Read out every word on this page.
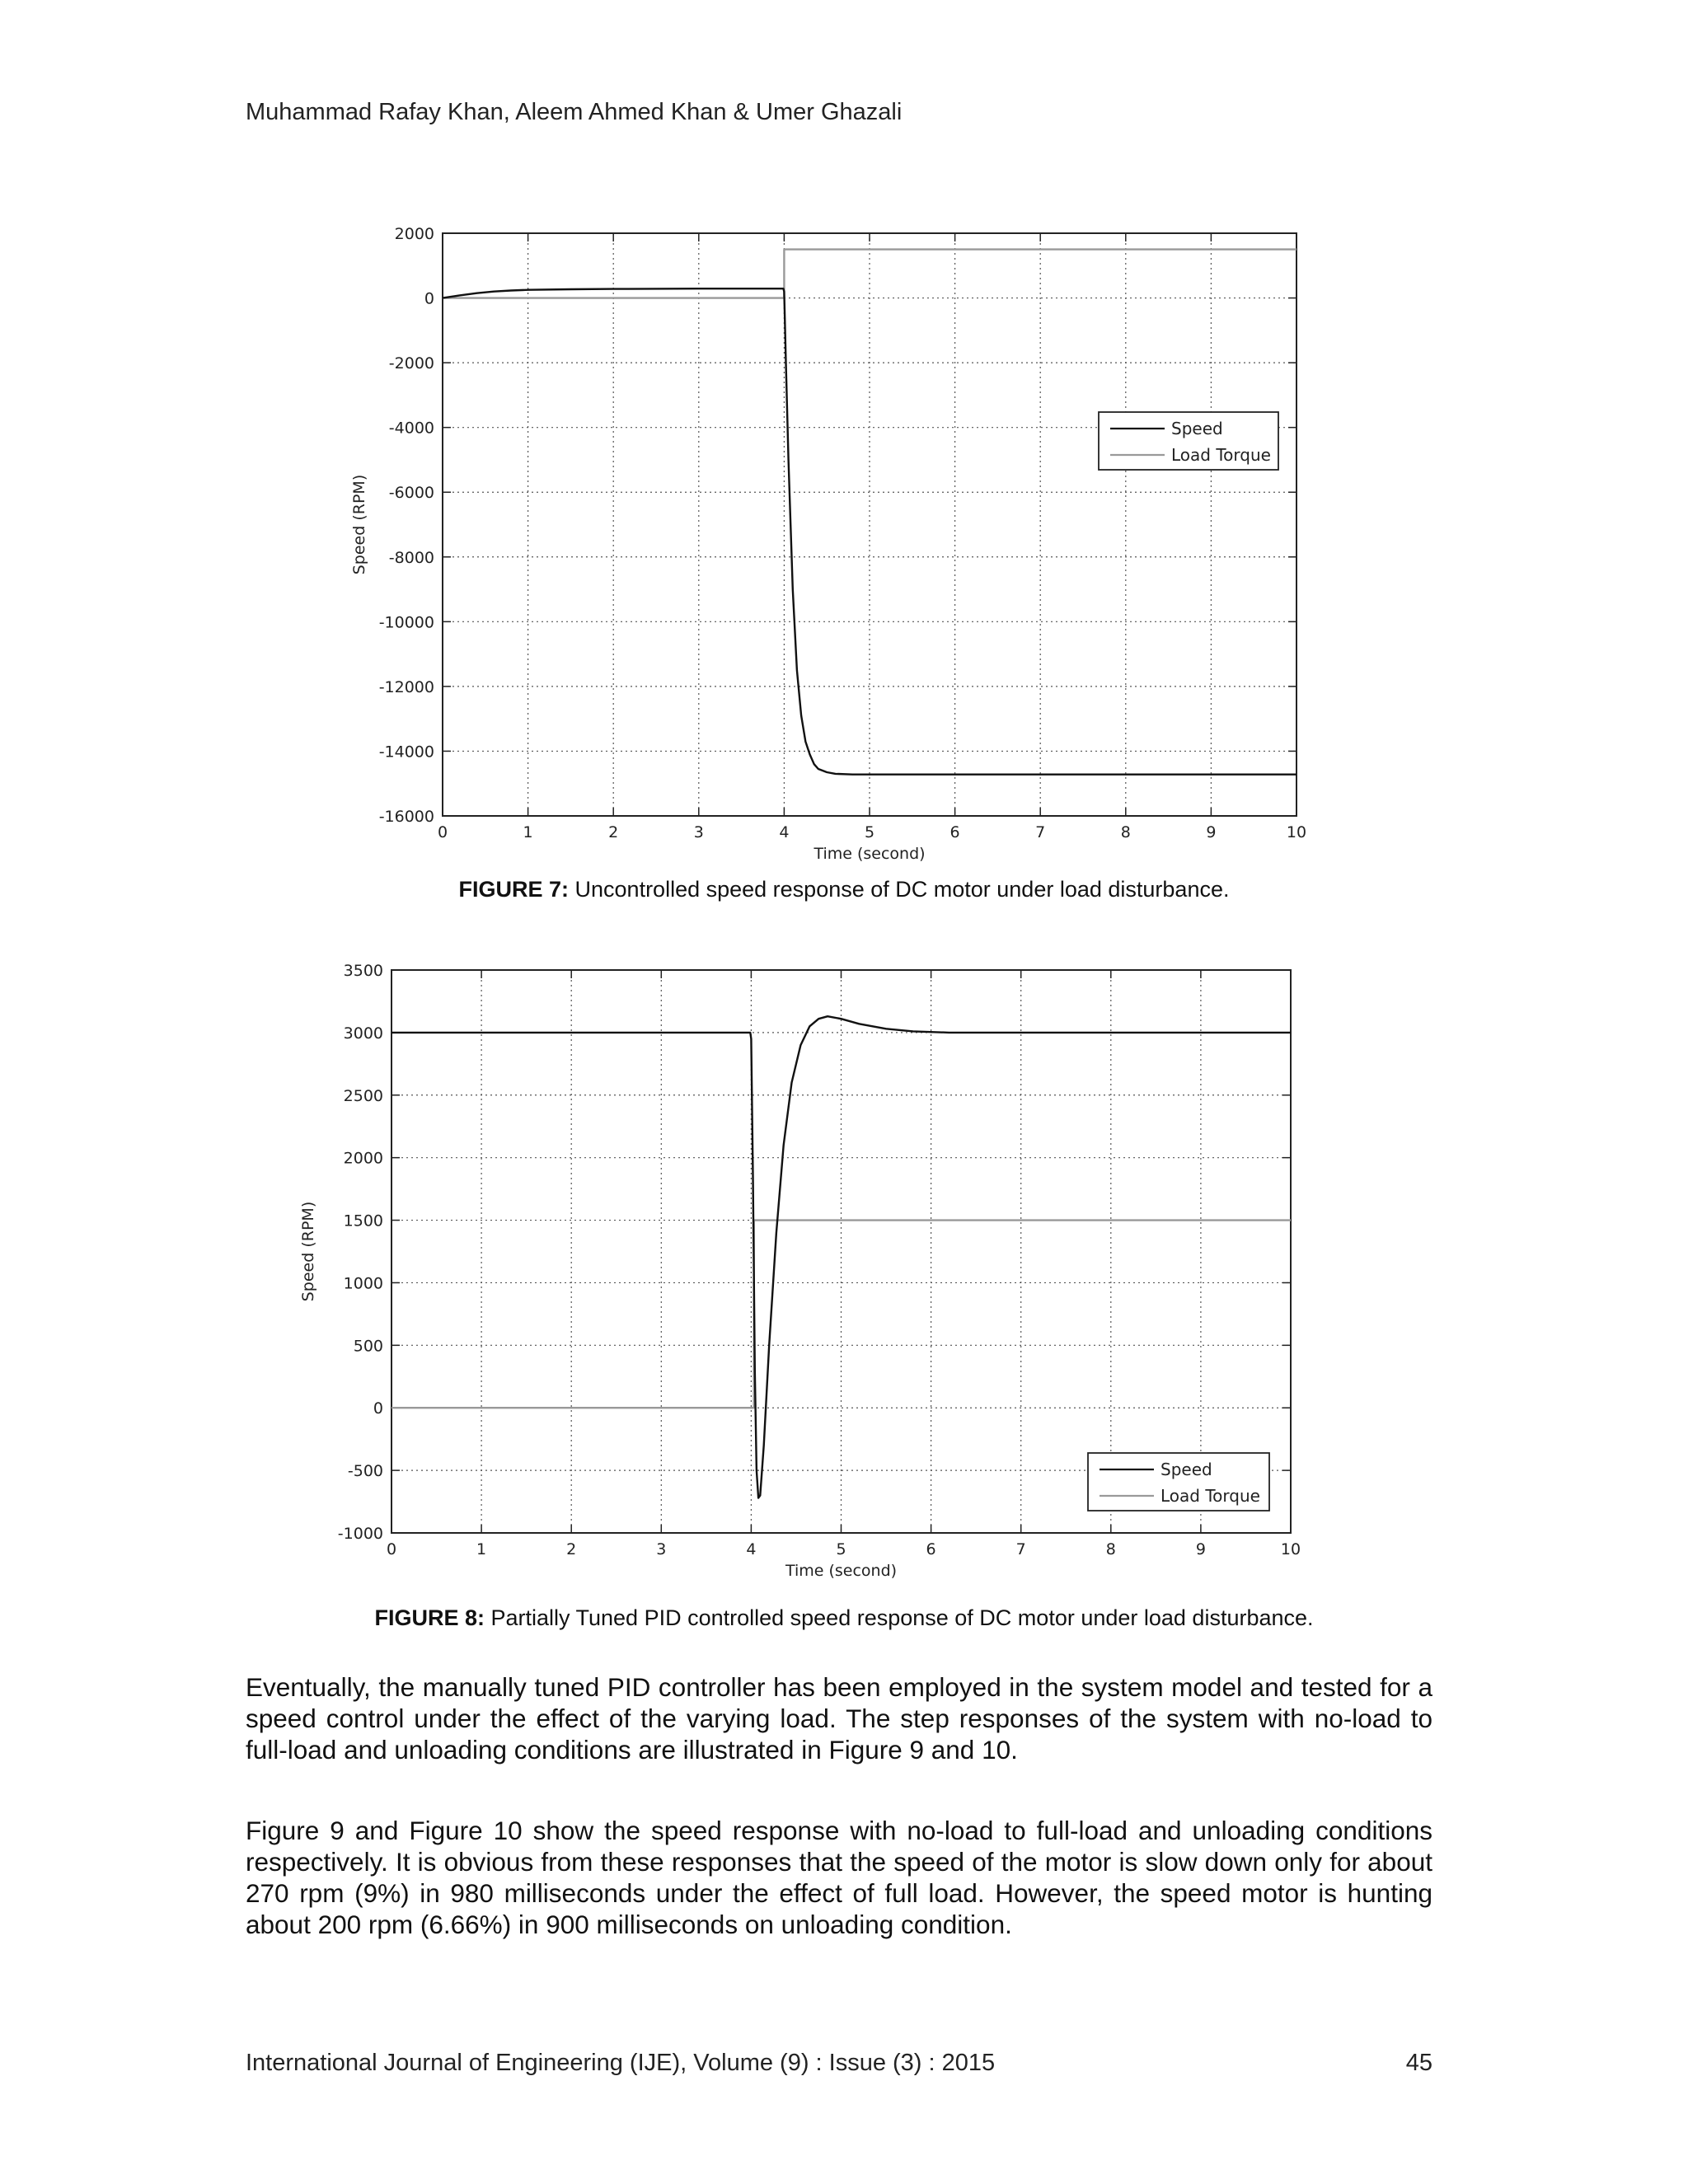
Muhammad Rafay Khan, Aleem Ahmed Khan & Umer Ghazali
0	1	2	3	4	5	6	7	8	9	10
2000
0
-2000
-4000
-6000
-8000
-10000
-12000
-14000
-16000
Time (second)
Speed (RPM)
Speed
Load Torque
FIGURE 7: Uncontrolled speed response of DC motor under load disturbance.
0	1	2	3	4	5	6	7	8	9	10
3500
3000
2500
2000
1500
1000
500
0
-500
-1000
Time (second)
Speed (RPM)
Speed
Load Torque
FIGURE 8: Partially Tuned PID controlled speed response of DC motor under load disturbance.

Eventually, the manually tuned PID controller has been employed in the system model and tested for a speed control under the effect of the varying load. The step responses of the system with no-load to full-load and unloading conditions are illustrated in Figure 9 and 10.

Figure 9 and Figure 10 show the speed response with no-load to full-load and unloading conditions respectively. It is obvious from these responses that the speed of the motor is slow down only for about 270 rpm (9%) in 980 milliseconds under the effect of full load. However, the speed motor is hunting about 200 rpm (6.66%) in 900 milliseconds on unloading condition.

International Journal of Engineering (IJE), Volume (9) : Issue (3) : 2015	45
